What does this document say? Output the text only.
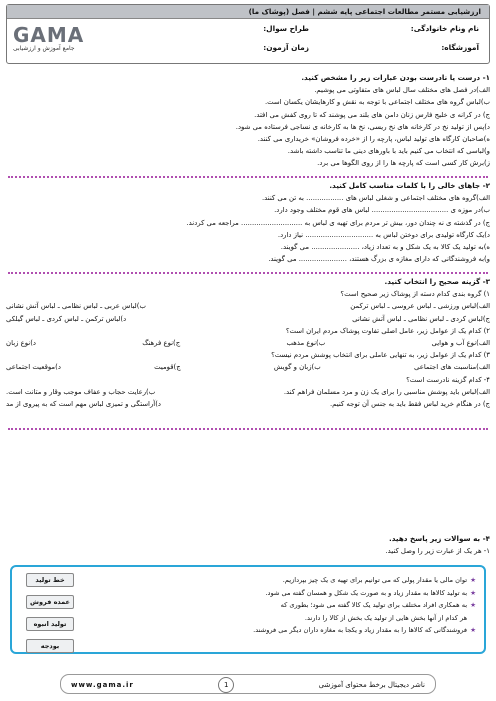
ارزشیابی مستمر مطالعات اجتماعی پایه ششم | فصل (پوشاک ما)
نام ونام خانوادگی:
طراح سوال:
آموزشگاه:
زمان آزمون:
GAMA
جامع آموزش و ارزشیابی
۱- درست یا نادرست بودن عبارات زیر را مشخص کنید.
الف)در فصل های مختلف سال لباس های متفاوتی می پوشیم.
ب)لباس گروه های مختلف اجتماعی با توجه به نقش و کارهایشان یکسان است.
ج) در کرانه ی خلیج فارس زنان دامن های بلند می پوشند که تا روی کفش می افتد.
د)پس از تولید نخ در کارخانه های نخ ریسی، نخ ها به کارخانه ی نساجی فرستاده می شود.
ه)صاحبان کارگاه های تولید لباس، پارچه را از «خرده فروشان» خریداری می کنند.
و)لباسی که انتخاب می کنیم باید با باورهای دینی ما تناسب داشته باشد.
ز)برش کار کسی است که پارچه ها را از روی الگوها می برد.
۲- جاهای خالی را با کلمات مناسب کامل کنید.
الف)گروه های مختلف اجتماعی و شغلی لباس های ................. به تن می کنند.
ب)در موزه ی ................................... لباس های قوم مختلف وجود دارد.
ج) در گذشته ی نه چندان دور، بیش تر مردم برای تهیه ی لباس به ............................ مراجعه می کردند.
د)یک کارگاه تولیدی برای دوختن لباس به ............................... نیاز دارد.
ه)به تولید یک کالا به یک شکل و به تعداد زیاد، ...................... می گویند.
و)به فروشندگانی که دارای مغازه ی بزرگ هستند، ...................... می گویند.
۳- گزینه صحیح را انتخاب کنید.
۱) گروه بندی کدام دسته از پوشاک زیر صحیح است؟
الف)لباس ورزشی ـ لباس عروسی ـ لباس ترکمن
ب)لباس عربی ـ لباس نظامی ـ لباس آتش نشانی
ج)لباس کردی ـ لباس نظامی ـ لباس آتش نشانی
د)لباس ترکمن ـ لباس کردی ـ لباس گیلکی
۲) کدام یک از عوامل زیر، عامل اصلی تفاوت پوشاک مردم ایران است؟
الف)نوع آب و هوایی
ب)نوع مذهب
ج)نوع فرهنگ
د)نوع زبان
۳) کدام یک از عوامل زیر، به تنهایی عاملی برای انتخاب پوشش مردم نیست؟
الف)مناسبت های اجتماعی
ب)زبان و گویش
ج)قومیت
د)موقعیت اجتماعی
۴- کدام گزینه نادرست است؟
الف)لباس باید پوشش مناسبی را برای یک زن و مرد مسلمان فراهم کند.
ب)رعایت حجاب و عفاف موجب وقار و متانت است.
ج) در هنگام خرید لباس فقط باید به جنس آن توجه کنیم.
د)آراستگی و تمیزی لباس مهم است که به پیروی از مد
۴- به سوالات زیر پاسخ دهید.
۱- هر یک از عبارت زیر را وصل کنید.
★توان مالی یا مقدار پولی که می توانیم برای تهیه ی یک چیز بپردازیم.
★به تولید کالاها به مقدار زیاد و به صورت یک شکل و همسان گفته می شود.
★به همکاری افراد مختلف برای تولید یک کالا گفته می شود؛ بطوری که
هر کدام از آنها بخش هایی از تولید یک بخش از کالا را دارند.
★فروشندگانی که کالاها را به مقدار زیاد و یکجا به مغازه داران دیگر می فروشند.
خط تولید
عمده فروش
تولید انبوه
بودجه
www.gama.ir	1	ناشر دیجیتال برخط محتوای آموزشی
